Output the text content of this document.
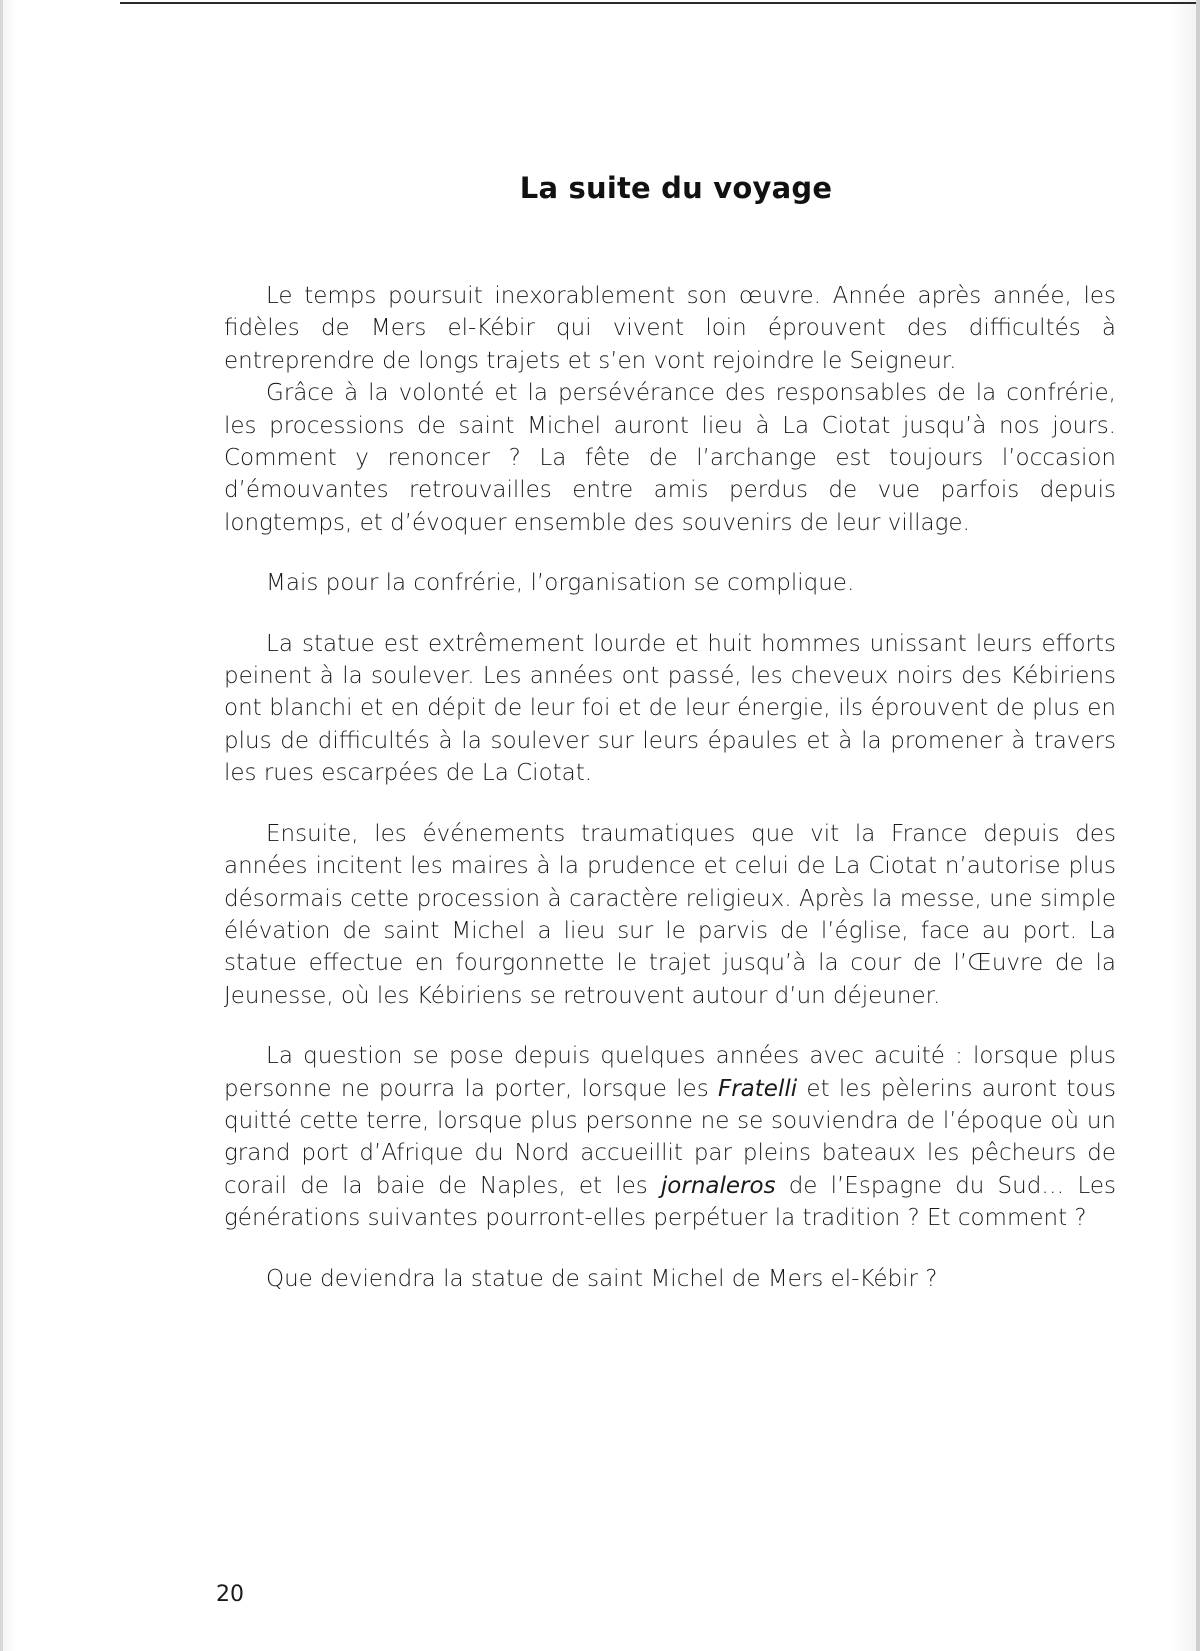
La suite du voyage

Le temps poursuit inexorablement son œuvre. Année après année, les fidèles de Mers el-Kébir qui vivent loin éprouvent des difficultés à entreprendre de longs trajets et s’en vont rejoindre le Seigneur.

Grâce à la volonté et la persévérance des responsables de la confrérie, les processions de saint Michel auront lieu à La Ciotat jusqu’à nos jours. Comment y renoncer ? La fête de l’archange est toujours l’occasion d’émouvantes retrouvailles entre amis perdus de vue parfois depuis longtemps, et d’évoquer ensemble des souvenirs de leur village.

Mais pour la confrérie, l’organisation se complique.

La statue est extrêmement lourde et huit hommes unissant leurs efforts peinent à la soulever. Les années ont passé, les cheveux noirs des Kébiriens ont blanchi et en dépit de leur foi et de leur énergie, ils éprouvent de plus en plus de difficultés à la soulever sur leurs épaules et à la promener à travers les rues escarpées de La Ciotat.

Ensuite, les événements traumatiques que vit la France depuis des années incitent les maires à la prudence et celui de La Ciotat n’autorise plus désormais cette procession à caractère religieux. Après la messe, une simple élévation de saint Michel a lieu sur le parvis de l’église, face au port. La statue effectue en fourgonnette le trajet jusqu’à la cour de l’Œuvre de la Jeunesse, où les Kébiriens se retrouvent autour d’un déjeuner.

La question se pose depuis quelques années avec acuité : lorsque plus personne ne pourra la porter, lorsque les Fratelli et les pèlerins auront tous quitté cette terre, lorsque plus personne ne se souviendra de l’époque où un grand port d’Afrique du Nord accueillit par pleins bateaux les pêcheurs de corail de la baie de Naples, et les jornaleros de l’Espagne du Sud… Les générations suivantes pourront-elles perpétuer la tradition ? Et comment ?

Que deviendra la statue de saint Michel de Mers el-Kébir ?

20
